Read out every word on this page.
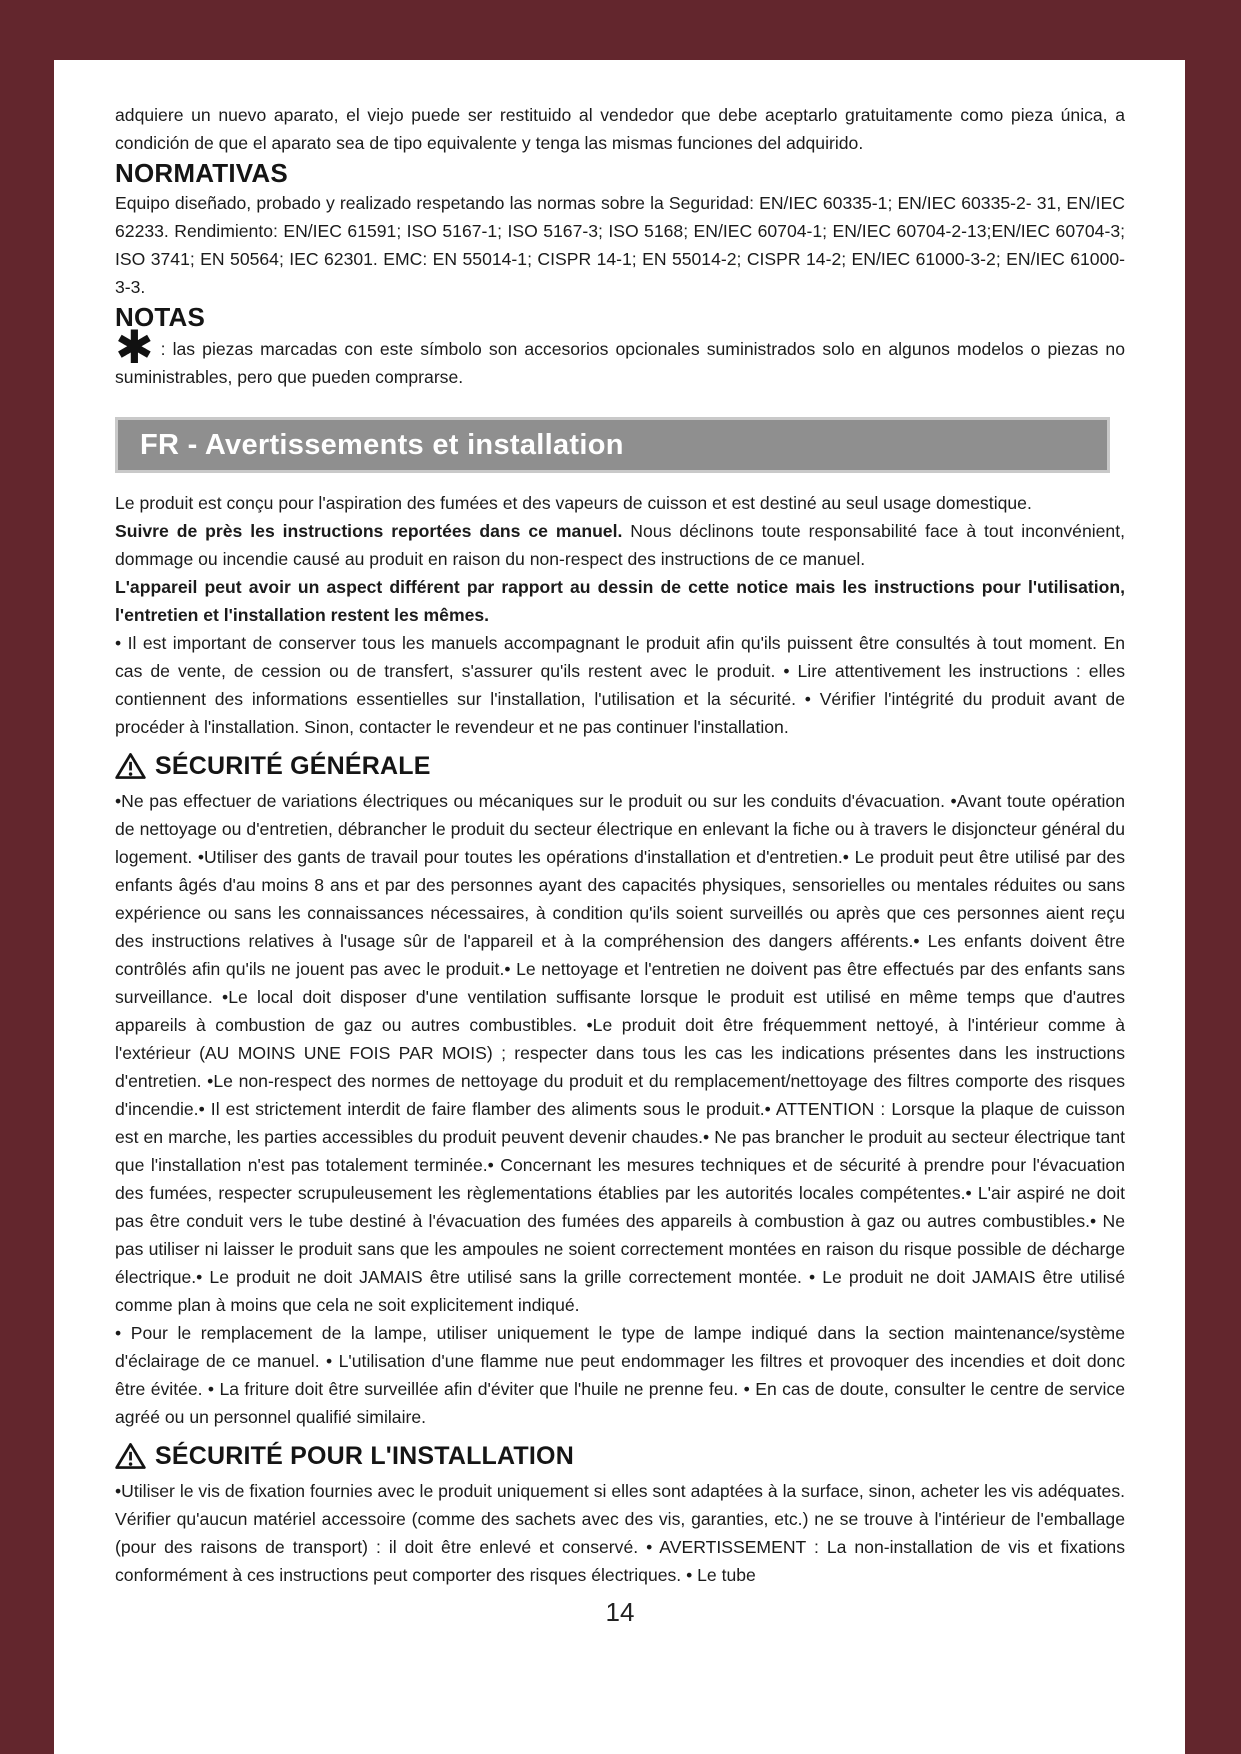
adquiere un nuevo aparato, el viejo puede ser restituido al vendedor que debe aceptarlo gratuitamente como pieza única, a condición de que el aparato sea de tipo equivalente y tenga las mismas funciones del adquirido.

NORMATIVAS

Equipo diseñado, probado y realizado respetando las normas sobre la Seguridad: EN/IEC 60335-1; EN/IEC 60335-2- 31, EN/IEC 62233. Rendimiento: EN/IEC 61591; ISO 5167-1; ISO 5167-3; ISO 5168; EN/IEC 60704-1; EN/IEC 60704-2-13;EN/IEC 60704-3; ISO 3741; EN 50564; IEC 62301. EMC: EN 55014-1; CISPR 14-1; EN 55014-2; CISPR 14-2; EN/IEC 61000-3-2; EN/IEC 61000-3-3.

NOTAS

✱ : las piezas marcadas con este símbolo son accesorios opcionales suministrados solo en algunos modelos o piezas no suministrables, pero que pueden comprarse.

FR - Avertissements et installation

Le produit est conçu pour l'aspiration des fumées et des vapeurs de cuisson et est destiné au seul usage domestique.

Suivre de près les instructions reportées dans ce manuel. Nous déclinons toute responsabilité face à tout inconvénient, dommage ou incendie causé au produit en raison du non-respect des instructions de ce manuel.

L'appareil peut avoir un aspect différent par rapport au dessin de cette notice mais les instructions pour l'utilisation, l'entretien et l'installation restent les mêmes.

• Il est important de conserver tous les manuels accompagnant le produit afin qu'ils puissent être consultés à tout moment. En cas de vente, de cession ou de transfert, s'assurer qu'ils restent avec le produit. • Lire attentivement les instructions : elles contiennent des informations essentielles sur l'installation, l'utilisation et la sécurité. • Vérifier l'intégrité du produit avant de procéder à l'installation. Sinon, contacter le revendeur et ne pas continuer l'installation.

SÉCURITÉ GÉNÉRALE

•Ne pas effectuer de variations électriques ou mécaniques sur le produit ou sur les conduits d'évacuation. •Avant toute opération de nettoyage ou d'entretien, débrancher le produit du secteur électrique en enlevant la fiche ou à travers le disjoncteur général du logement. •Utiliser des gants de travail pour toutes les opérations d'installation et d'entretien.• Le produit peut être utilisé par des enfants âgés d'au moins 8 ans et par des personnes ayant des capacités physiques, sensorielles ou mentales réduites ou sans expérience ou sans les connaissances nécessaires, à condition qu'ils soient surveillés ou après que ces personnes aient reçu des instructions relatives à l'usage sûr de l'appareil et à la compréhension des dangers afférents.• Les enfants doivent être contrôlés afin qu'ils ne jouent pas avec le produit.• Le nettoyage et l'entretien ne doivent pas être effectués par des enfants sans surveillance. •Le local doit disposer d'une ventilation suffisante lorsque le produit est utilisé en même temps que d'autres appareils à combustion de gaz ou autres combustibles. •Le produit doit être fréquemment nettoyé, à l'intérieur comme à l'extérieur (AU MOINS UNE FOIS PAR MOIS) ; respecter dans tous les cas les indications présentes dans les instructions d'entretien. •Le non-respect des normes de nettoyage du produit et du remplacement/nettoyage des filtres comporte des risques d'incendie.• Il est strictement interdit de faire flamber des aliments sous le produit.• ATTENTION : Lorsque la plaque de cuisson est en marche, les parties accessibles du produit peuvent devenir chaudes.• Ne pas brancher le produit au secteur électrique tant que l'installation n'est pas totalement terminée.• Concernant les mesures techniques et de sécurité à prendre pour l'évacuation des fumées, respecter scrupuleusement les règlementations établies par les autorités locales compétentes.• L'air aspiré ne doit pas être conduit vers le tube destiné à l'évacuation des fumées des appareils à combustion à gaz ou autres combustibles.• Ne pas utiliser ni laisser le produit sans que les ampoules ne soient correctement montées en raison du risque possible de décharge électrique.• Le produit ne doit JAMAIS être utilisé sans la grille correctement montée. • Le produit ne doit JAMAIS être utilisé comme plan à moins que cela ne soit explicitement indiqué.

• Pour le remplacement de la lampe, utiliser uniquement le type de lampe indiqué dans la section maintenance/système d'éclairage de ce manuel. • L'utilisation d'une flamme nue peut endommager les filtres et provoquer des incendies et doit donc être évitée. • La friture doit être surveillée afin d'éviter que l'huile ne prenne feu. • En cas de doute, consulter le centre de service agréé ou un personnel qualifié similaire.

SÉCURITÉ POUR L'INSTALLATION

•Utiliser le vis de fixation fournies avec le produit uniquement si elles sont adaptées à la surface, sinon, acheter les vis adéquates. Vérifier qu'aucun matériel accessoire (comme des sachets avec des vis, garanties, etc.) ne se trouve à l'intérieur de l'emballage (pour des raisons de transport) : il doit être enlevé et conservé. • AVERTISSEMENT : La non-installation de vis et fixations conformément à ces instructions peut comporter des risques électriques. • Le tube

14
